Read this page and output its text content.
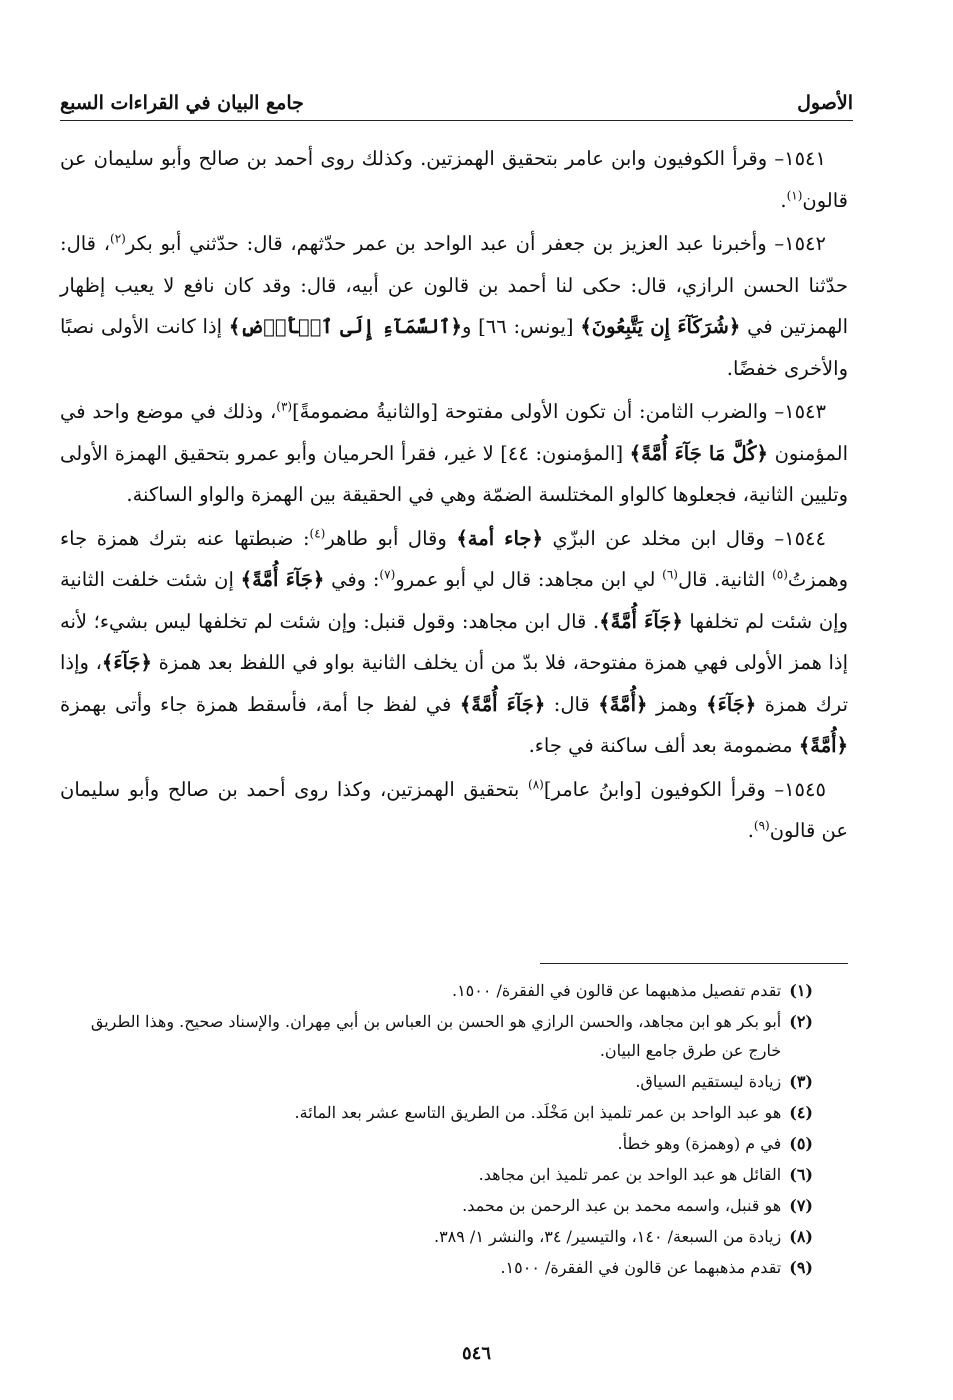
الأصول
جامع البيان في القراءات السبع

١٥٤١– وقرأ الكوفيون وابن عامر بتحقيق الهمزتين. وكذلك روى أحمد بن صالح وأبو سليمان عن قالون$^{(١)}$.

١٥٤٢– وأخبرنا عبد العزيز بن جعفر أن عبد الواحد بن عمر حدّثهم، قال: حدّثني أبو بكر$^{(٢)}$، قال: حدّثنا الحسن الرازي، قال: حكى لنا أحمد بن قالون عن أبيه، قال: وقد كان نافع لا يعيب إظهار الهمزتين في ﴿شُرَكَآءَ إِن يَتَّبِعُونَ﴾ [يونس: ٦٦] و﴿ٱلسَّمَآءِ إِلَى ٱلۡأَرۡضِ﴾ إذا كانت الأولى نصبًا والأخرى خفضًا.

١٥٤٣– والضرب الثامن: أن تكون الأولى مفتوحة [والثانيةُ مضمومةً]$^{(٣)}$، وذلك في موضع واحد في المؤمنون ﴿كُلَّ مَا جَآءَ أُمَّةً﴾ [المؤمنون: ٤٤] لا غير، فقرأ الحرميان وأبو عمرو بتحقيق الهمزة الأولى وتليين الثانية، فجعلوها كالواو المختلسة الضمّة وهي في الحقيقة بين الهمزة والواو الساكنة.

١٥٤٤– وقال ابن مخلد عن البزّي ﴿جاء أمة﴾ وقال أبو طاهر$^{(٤)}$: ضبطتها عنه بترك همزة جاء وهمزتُ$^{(٥)}$ الثانية. قال$^{(٦)}$ لي ابن مجاهد: قال لي أبو عمرو$^{(٧)}$: وفي ﴿جَآءَ أُمَّةً﴾ إن شئت خلفت الثانية وإن شئت لم تخلفها ﴿جَآءَ أُمَّةً﴾. قال ابن مجاهد: وقول قنبل: وإن شئت لم تخلفها ليس بشيء؛ لأنه إذا همز الأولى فهي همزة مفتوحة، فلا بدّ من أن يخلف الثانية بواو في اللفظ بعد همزة ﴿جَآءَ﴾، وإذا ترك همزة ﴿جَآءَ﴾ وهمز ﴿أُمَّةً﴾ قال: ﴿جَآءَ أُمَّةً﴾ في لفظ جا أمة، فأسقط همزة جاء وأتى بهمزة ﴿أُمَّةً﴾ مضمومة بعد ألف ساكنة في جاء.

١٥٤٥– وقرأ الكوفيون [وابنُ عامر]$^{(٨)}$ بتحقيق الهمزتين، وكذا روى أحمد بن صالح وأبو سليمان عن قالون$^{(٩)}$.

(١)
تقدم تفصيل مذهبهما عن قالون في الفقرة/ ١٥٠٠.

(٢)
أبو بكر هو ابن مجاهد، والحسن الرازي هو الحسن بن العباس بن أبي مِهران. والإسناد صحيح. وهذا الطريق خارج عن طرق جامع البيان.

(٣)
زيادة ليستقيم السياق.

(٤)
هو عبد الواحد بن عمر تلميذ ابن مَخْلَد. من الطريق التاسع عشر بعد المائة.

(٥)
في م (وهمزة) وهو خطأ.

(٦)
القائل هو عبد الواحد بن عمر تلميذ ابن مجاهد.

(٧)
هو قنبل، واسمه محمد بن عبد الرحمن بن محمد.

(٨)
زيادة من السبعة/ ١٤٠، والتيسير/ ٣٤، والنشر ١/ ٣٨٩.

(٩)
تقدم مذهبهما عن قالون في الفقرة/ ١٥٠٠.

٥٤٦
